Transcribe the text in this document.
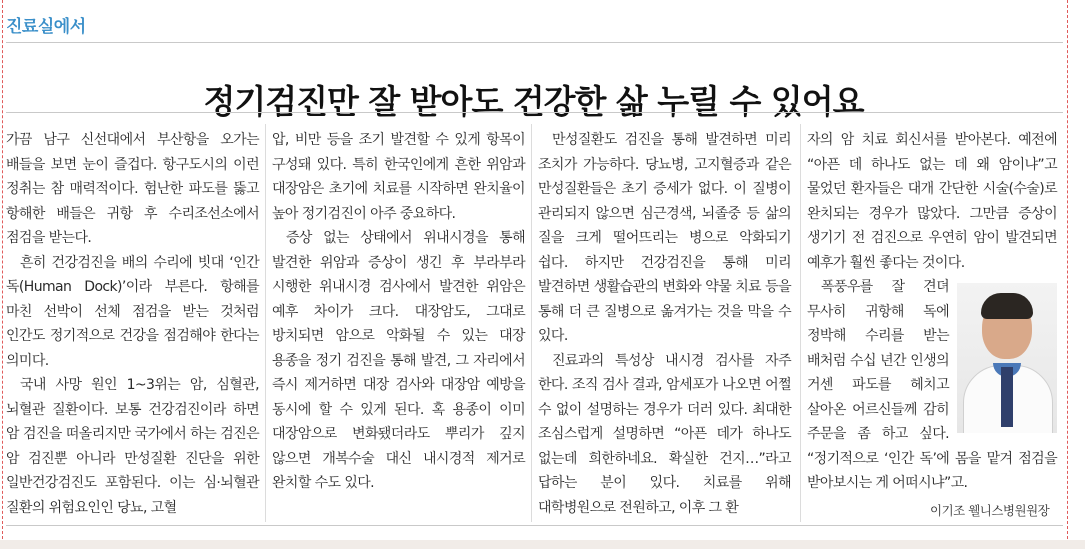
진료실에서
정기검진만 잘 받아도 건강한 삶 누릴 수 있어요

가끔 남구 신선대에서 부산항을 오가는 배들을 보면 눈이 즐겁다. 항구도시의 이런 정취는 참 매력적이다. 험난한 파도를 뚫고 항해한 배들은 귀항 후 수리조선소에서 점검을 받는다.

흔히 건강검진을 배의 수리에 빗대 ‘인간 독(Human Dock)’이라 부른다. 항해를 마친 선박이 선체 점검을 받는 것처럼 인간도 정기적으로 건강을 점검해야 한다는 의미다.

국내 사망 원인 1~3위는 암, 심혈관, 뇌혈관 질환이다. 보통 건강검진이라 하면 암 검진을 떠올리지만 국가에서 하는 검진은 암 검진뿐 아니라 만성질환 진단을 위한 일반건강검진도 포함된다. 이는 심·뇌혈관 질환의 위험요인인 당뇨, 고혈

압, 비만 등을 조기 발견할 수 있게 항목이 구성돼 있다. 특히 한국인에게 흔한 위암과 대장암은 초기에 치료를 시작하면 완치율이 높아 정기검진이 아주 중요하다.

증상 없는 상태에서 위내시경을 통해 발견한 위암과 증상이 생긴 후 부라부라 시행한 위내시경 검사에서 발견한 위암은 예후 차이가 크다. 대장암도, 그대로 방치되면 암으로 악화될 수 있는 대장 용종을 정기 검진을 통해 발견, 그 자리에서 즉시 제거하면 대장 검사와 대장암 예방을 동시에 할 수 있게 된다. 혹 용종이 이미 대장암으로 변화됐더라도 뿌리가 깊지 않으면 개복수술 대신 내시경적 제거로 완치할 수도 있다.

만성질환도 검진을 통해 발견하면 미리 조치가 가능하다. 당뇨병, 고지혈증과 같은 만성질환들은 초기 증세가 없다. 이 질병이 관리되지 않으면 심근경색, 뇌졸중 등 삶의 질을 크게 떨어뜨리는 병으로 악화되기 쉽다. 하지만 건강검진을 통해 미리 발견하면 생활습관의 변화와 약물 치료 등을 통해 더 큰 질병으로 옮겨가는 것을 막을 수 있다.

진료과의 특성상 내시경 검사를 자주 한다. 조직 검사 결과, 암세포가 나오면 어쩔 수 없이 설명하는 경우가 더러 있다. 최대한 조심스럽게 설명하면 “아픈 데가 하나도 없는데 희한하네요. 확실한 건지…”라고 답하는 분이 있다. 치료를 위해 대학병원으로 전원하고, 이후 그 환

자의 암 치료 회신서를 받아본다. 예전에 “아픈 데 하나도 없는 데 왜 암이냐”고 물었던 환자들은 대개 간단한 시술(수술)로 완치되는 경우가 많았다. 그만큼 증상이 생기기 전 검진으로 우연히 암이 발견되면 예후가 훨씬 좋다는 것이다.

폭풍우를 잘 견뎌 무사히 귀항해 독에 정박해 수리를 받는 배처럼 수십 년간 인생의 거센 파도를 헤치고 살아온 어르신들께 감히 주문을 좀 하고 싶다. “정기적으로 ‘인간 독’에 몸을 맡겨 점검을 받아보시는 게 어떠시냐”고.

이기조 웰니스병원원장
